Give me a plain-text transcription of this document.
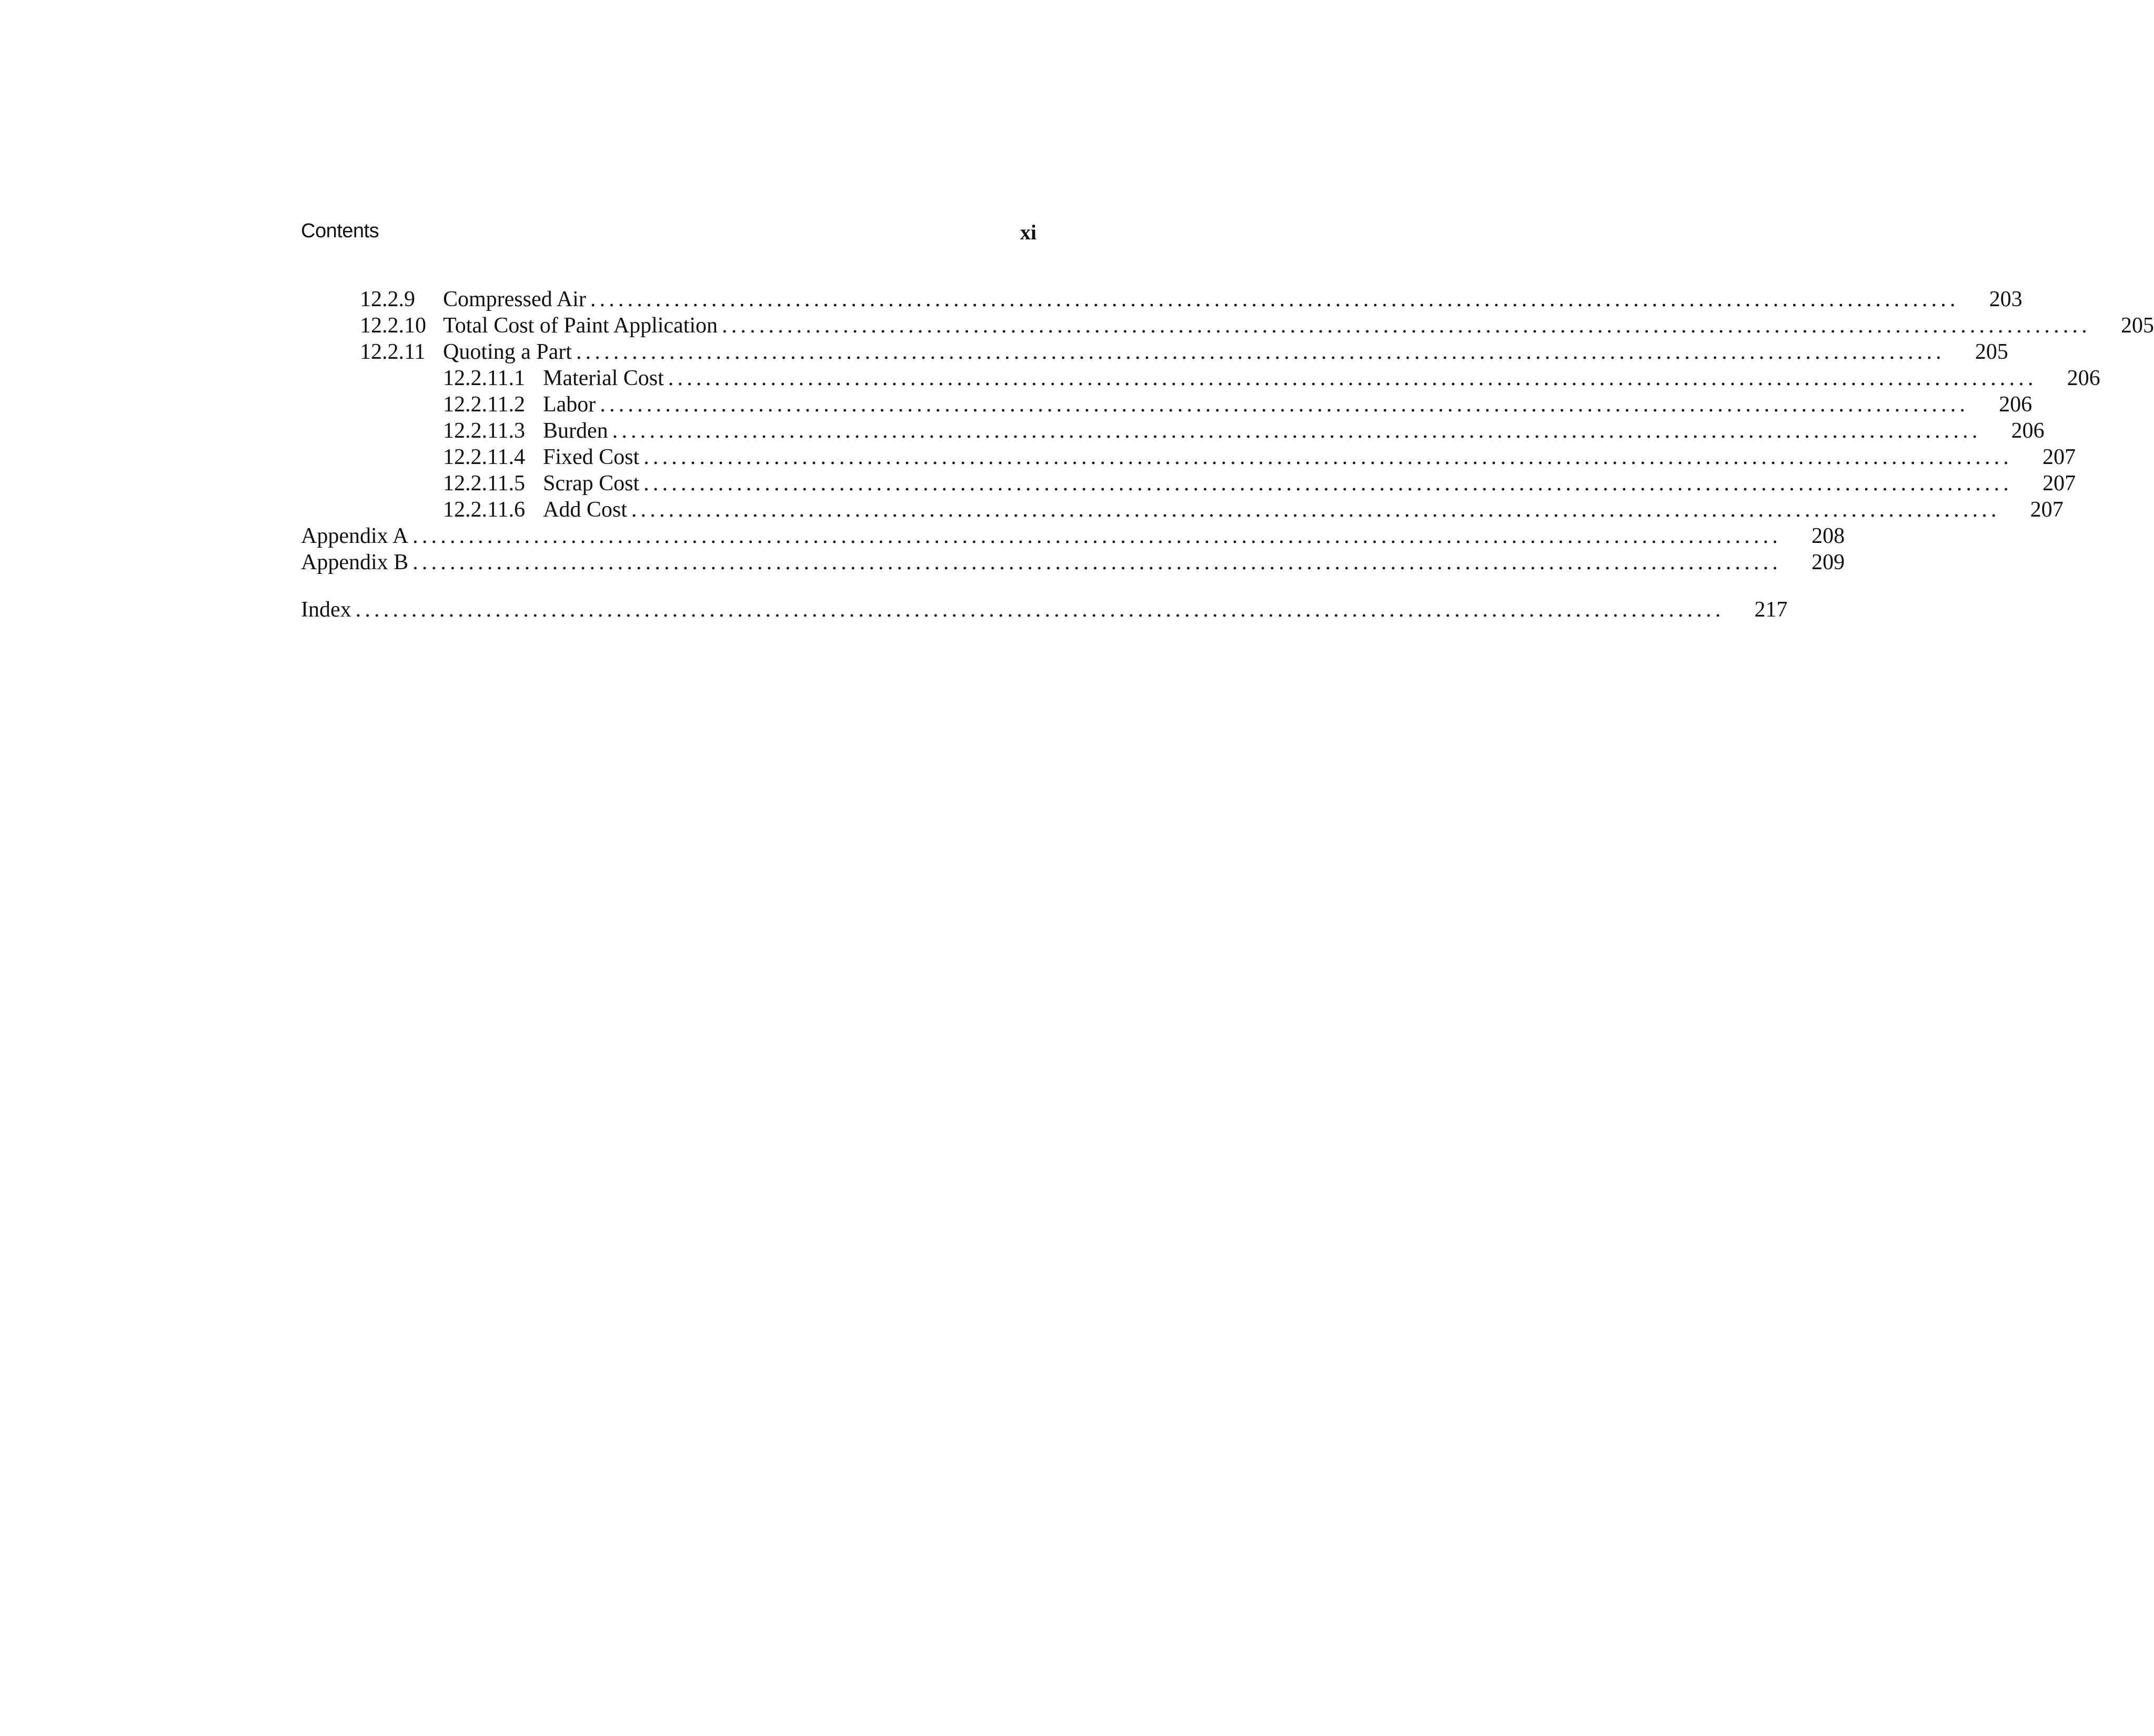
Contents	xi
12.2.9	Compressed Air ...................................................................................................................................................	203
12.2.10 Total Cost of Paint Application ...................................................................................................................................................	205
12.2.11 Quoting a Part ...................................................................................................................................................	205
12.2.11.1 Material Cost ...................................................................................................................................................	206
12.2.11.2 Labor ...................................................................................................................................................	206
12.2.11.3 Burden ...................................................................................................................................................	206
12.2.11.4 Fixed Cost ...................................................................................................................................................	207
12.2.11.5 Scrap Cost ...................................................................................................................................................	207
12.2.11.6 Add Cost ...................................................................................................................................................	207
Appendix A ...................................................................................................................................................	208
Appendix B ...................................................................................................................................................	209
Index ...................................................................................................................................................	217
